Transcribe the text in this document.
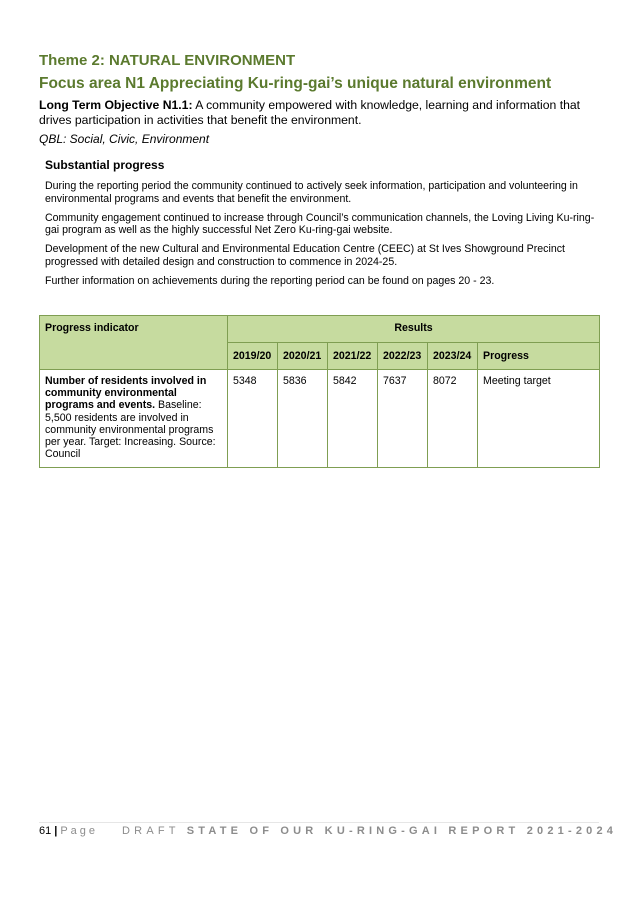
Theme 2: NATURAL ENVIRONMENT
Focus area N1 Appreciating Ku-ring-gai’s unique natural environment

Long Term Objective N1.1: A community empowered with knowledge, learning and information that drives participation in activities that benefit the environment.

QBL: Social, Civic, Environment

Substantial progress

During the reporting period the community continued to actively seek information, participation and volunteering in environmental programs and events that benefit the environment.

Community engagement continued to increase through Council’s communication channels, the Loving Living Ku-ring-gai program as well as the highly successful Net Zero Ku-ring-gai website.

Development of the new Cultural and Environmental Education Centre (CEEC) at St Ives Showground Precinct progressed with detailed design and construction to commence in 2024-25.

Further information on achievements during the reporting period can be found on pages 20 - 23.

Progress indicator	Results					
	2019/20	2020/21	2021/22	2022/23	2023/24	Progress
Number of residents involved in community environmental programs and events. Baseline: 5,500 residents are involved in community environmental programs per year. Target: Increasing. Source: Council	5348	5836	5842	7637	8072	Meeting target
61 | Page DRAFT STATE OF OUR KU-RING-GAI REPORT 2021-2024
